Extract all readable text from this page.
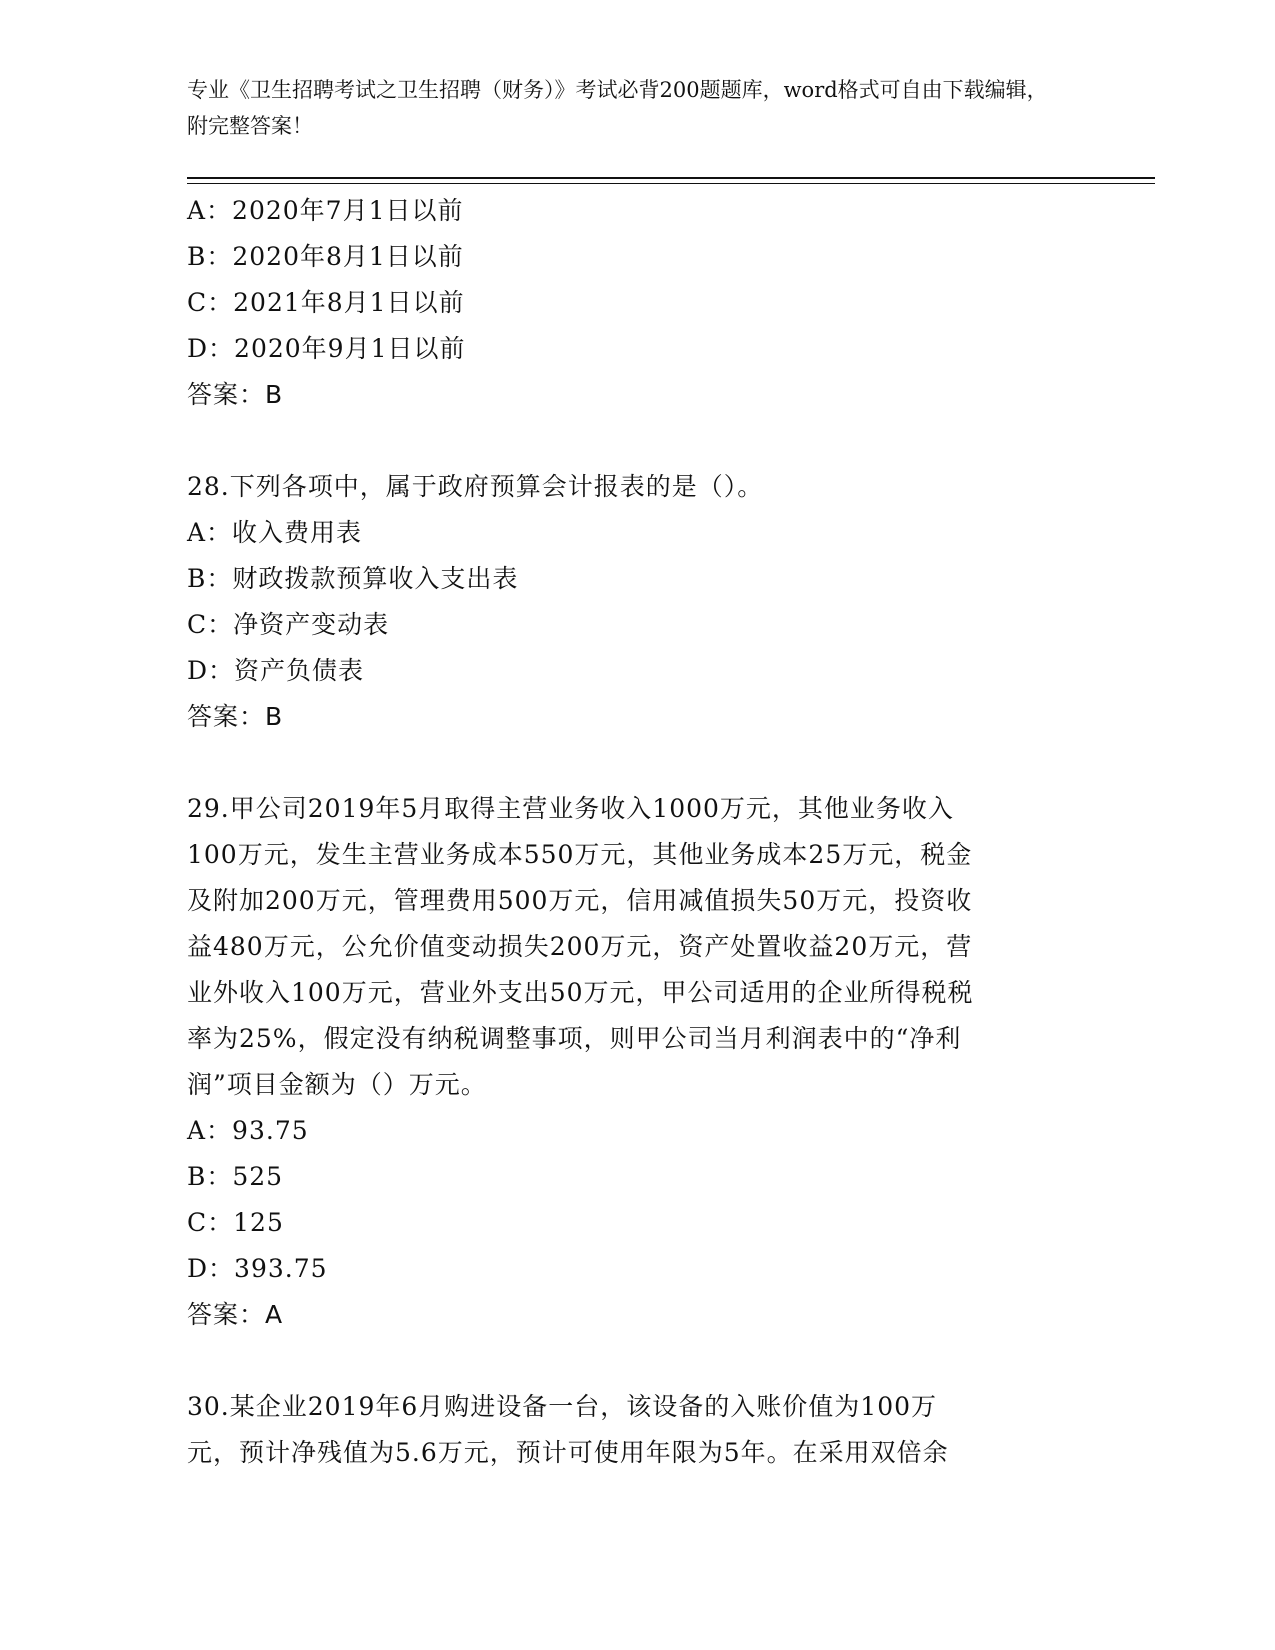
专业《卫生招聘考试之卫生招聘（财务）》考试必背200题题库，word格式可自由下载编辑，附完整答案！
A：2020年7月1日以前
B：2020年8月1日以前
C：2021年8月1日以前
D：2020年9月1日以前
答案：B
28.下列各项中，属于政府预算会计报表的是（）。
A：收入费用表
B：财政拨款预算收入支出表
C：净资产变动表
D：资产负债表
答案：B
29.甲公司2019年5月取得主营业务收入1000万元，其他业务收入
100万元，发生主营业务成本550万元，其他业务成本25万元，税金
及附加200万元，管理费用500万元，信用减值损失50万元，投资收
益480万元，公允价值变动损失200万元，资产处置收益20万元，营
业外收入100万元，营业外支出50万元，甲公司适用的企业所得税税
率为25%，假定没有纳税调整事项，则甲公司当月利润表中的“净利
润”项目金额为（）万元。
A：93.75
B：525
C：125
D：393.75
答案：A
30.某企业2019年6月购进设备一台，该设备的入账价值为100万
元，预计净残值为5.6万元，预计可使用年限为5年。在采用双倍余
